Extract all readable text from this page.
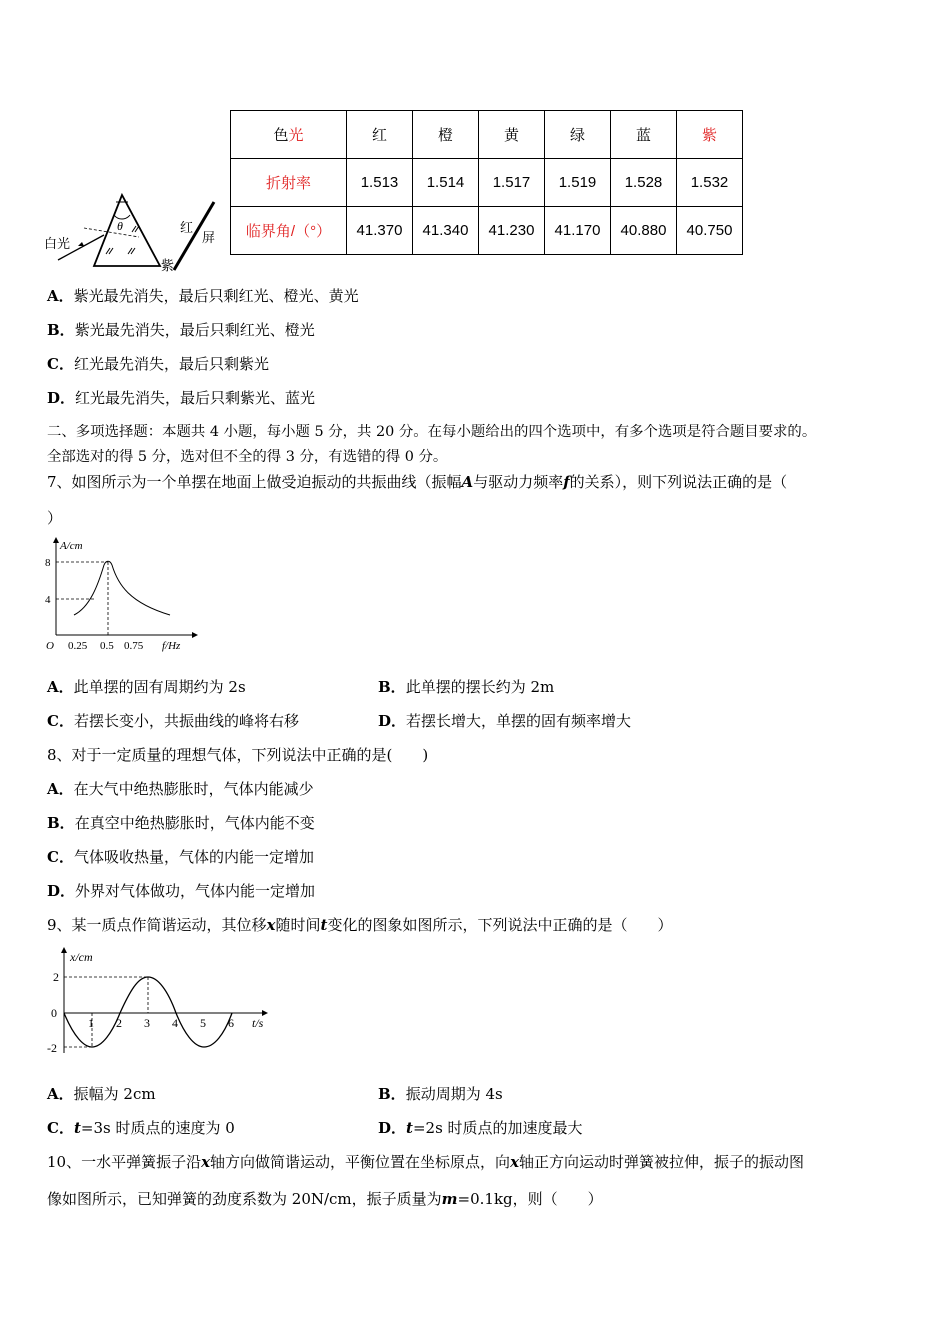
白光
θ	红
屏
紫
色光	红	橙	黄	绿	蓝	紫
折射率	1.513	1.514	1.517	1.519	1.528	1.532
临界角/（°）	41.370	41.340	41.230	41.170	40.880	40.750
A．紫光最先消失，最后只剩红光、橙光、黄光
B．紫光最先消失，最后只剩红光、橙光
C．红光最先消失，最后只剩紫光
D．红光最先消失，最后只剩紫光、蓝光
二、多项选择题：本题共 4 小题，每小题 5 分，共 20 分。在每小题给出的四个选项中，有多个选项是符合题目要求的。
全部选对的得 5 分，选对但不全的得 3 分，有选错的得 0 分。
7、如图所示为一个单摆在地面上做受迫振动的共振曲线（振幅A与驱动力频率f的关系），则下列说法正确的是（
）
A/cm
8
4
O 0.25 0.5 0.75 f/Hz
A．此单摆的固有周期约为 2s	B．此单摆的摆长约为 2m
C．若摆长变小，共振曲线的峰将右移	D．若摆长增大，单摆的固有频率增大
8、对于一定质量的理想气体，下列说法中正确的是(　　)
A．在大气中绝热膨胀时，气体内能减少
B．在真空中绝热膨胀时，气体内能不变
C．气体吸收热量，气体的内能一定增加
D．外界对气体做功，气体内能一定增加
9、某一质点作简谐运动，其位移x随时间t变化的图象如图所示，下列说法中正确的是（　　）
x/cm
2
0
-2
1 2 3 4 5 6 t/s
A．振幅为 2cm	B．振动周期为 4s
C．t=3s 时质点的速度为 0	D．t=2s 时质点的加速度最大
10、一水平弹簧振子沿x轴方向做简谐运动，平衡位置在坐标原点，向x轴正方向运动时弹簧被拉伸，振子的振动图
像如图所示，已知弹簧的劲度系数为 20N/cm，振子质量为m=0.1kg，则（　　）
